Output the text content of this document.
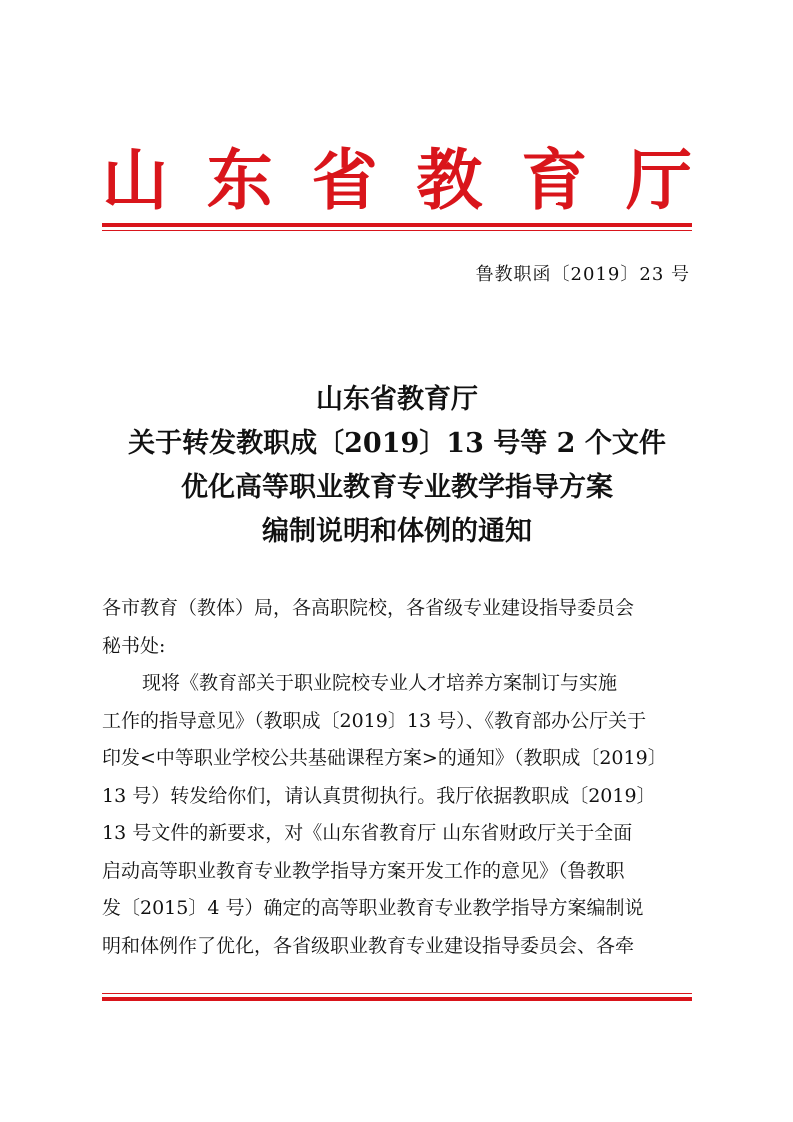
山 东 省 教 育 厅
鲁教职函〔2019〕23 号
山东省教育厅
关于转发教职成〔2019〕13 号等 2 个文件
优化高等职业教育专业教学指导方案
编制说明和体例的通知
各市教育（教体）局，各高职院校，各省级专业建设指导委员会
秘书处:
现将《教育部关于职业院校专业人才培养方案制订与实施
工作的指导意见》（教职成〔2019〕13 号）、《教育部办公厅关于
印发<中等职业学校公共基础课程方案>的通知》（教职成〔2019〕
13 号）转发给你们，请认真贯彻执行。我厅依据教职成〔2019〕
13 号文件的新要求，对《山东省教育厅 山东省财政厅关于全面
启动高等职业教育专业教学指导方案开发工作的意见》（鲁教职
发〔2015〕4 号）确定的高等职业教育专业教学指导方案编制说
明和体例作了优化，各省级职业教育专业建设指导委员会、各牵
